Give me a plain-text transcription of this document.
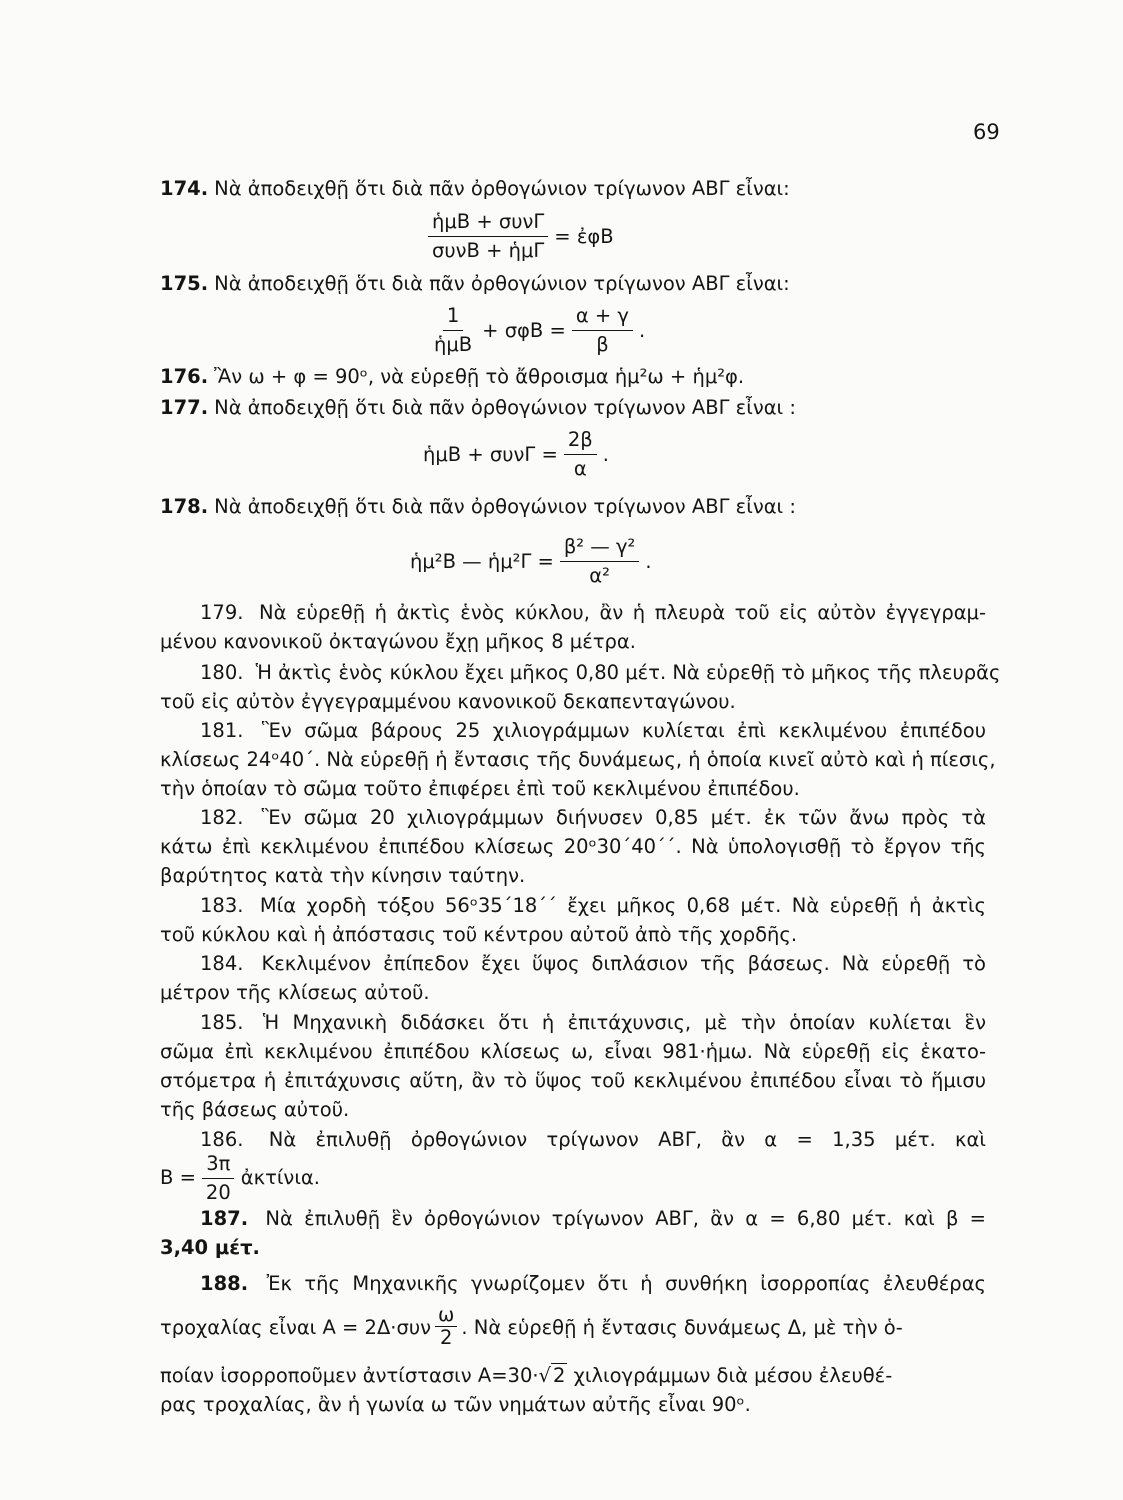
69
174. Νὰ ἀποδειχθῇ ὅτι διὰ πᾶν ὀρθογώνιον τρίγωνον ΑΒΓ εἶναι:
$\frac{\text{ἡμΒ + συνΓ}}{\text{συνΒ + ἡμΓ}}$ = ἐφΒ
175. Νὰ ἀποδειχθῇ ὅτι διὰ πᾶν ὀρθογώνιον τρίγωνον ΑΒΓ εἶναι:
$\frac{1}{\text{ἡμΒ}} + \sigma\varphi B = \frac{\alpha + \gamma}{\beta}$ .
176. Ἂν ω + φ = 90ᵒ, νὰ εὑρεθῇ τὸ ἄθροισμα ἡμ²ω + ἡμ²φ.
177. Νὰ ἀποδειχθῇ ὅτι διὰ πᾶν ὀρθογώνιον τρίγωνον ΑΒΓ εἶναι :
ἡμΒ + $\sigma\upsilon\nu\Gamma = \frac{2\beta}{\alpha}$ .
178. Νὰ ἀποδειχθῇ ὅτι διὰ πᾶν ὀρθογώνιον τρίγωνον ΑΒΓ εἶναι :
ἡμ²Β — ἡμ²Γ = $\frac{\text{β² — γ²}}{\text{α²}}$ .
179. Νὰ εὑρεθῇ ἡ ἀκτὶς ἑνὸς κύκλου, ἂν ἡ πλευρὰ τοῦ εἰς αὐτὸν ἐγγεγραμ-
μένου κανονικοῦ ὀκταγώνου ἔχῃ μῆκος 8 μέτρα.
180. Ἡ ἀκτὶς ἑνὸς κύκλου ἔχει μῆκος 0,80 μέτ. Νὰ εὑρεθῇ τὸ μῆκος τῆς πλευρᾶς
τοῦ εἰς αὐτὸν ἐγγεγραμμένου κανονικοῦ δεκαπενταγώνου.
181. Ἓν σῶμα βάρους 25 χιλιογράμμων κυλίεται ἐπὶ κεκλιμένου ἐπιπέδου
κλίσεως 24ᵒ40΄. Νὰ εὑρεθῇ ἡ ἔντασις τῆς δυνάμεως, ἡ ὁποία κινεῖ αὐτὸ καὶ ἡ πίεσις,
τὴν ὁποίαν τὸ σῶμα τοῦτο ἐπιφέρει ἐπὶ τοῦ κεκλιμένου ἐπιπέδου.
182. Ἓν σῶμα 20 χιλιογράμμων διήνυσεν 0,85 μέτ. ἐκ τῶν ἄνω πρὸς τὰ
κάτω ἐπὶ κεκλιμένου ἐπιπέδου κλίσεως 20ᵒ30΄40΄΄. Νὰ ὑπολογισθῇ τὸ ἔργον τῆς
βαρύτητος κατὰ τὴν κίνησιν ταύτην.
183. Μία χορδὴ τόξου 56ᵒ35΄18΄΄ ἔχει μῆκος 0,68 μέτ. Νὰ εὑρεθῇ ἡ ἀκτὶς
τοῦ κύκλου καὶ ἡ ἀπόστασις τοῦ κέντρου αὐτοῦ ἀπὸ τῆς χορδῆς.
184. Κεκλιμένον ἐπίπεδον ἔχει ὕψος διπλάσιον τῆς βάσεως. Νὰ εὑρεθῇ τὸ
μέτρον τῆς κλίσεως αὐτοῦ.
185. Ἡ Μηχανικὴ διδάσκει ὅτι ἡ ἐπιτάχυνσις, μὲ τὴν ὁποίαν κυλίεται ἓν
σῶμα ἐπὶ κεκλιμένου ἐπιπέδου κλίσεως ω, εἶναι 981·ἡμω. Νὰ εὑρεθῇ εἰς ἑκατο-
στόμετρα ἡ ἐπιτάχυνσις αὕτη, ἂν τὸ ὕψος τοῦ κεκλιμένου ἐπιπέδου εἶναι τὸ ἥμισυ
τῆς βάσεως αὐτοῦ.
186. Νὰ ἐπιλυθῇ ὀρθογώνιον τρίγωνον ΑΒΓ, ἂν α = 1,35 μέτ. καὶ
$B = \frac{3\pi}{20}$ ἀκτίνια.
187. Νὰ ἐπιλυθῇ ἓν ὀρθογώνιον τρίγωνον ΑΒΓ, ἂν α = 6,80 μέτ. καὶ β =
3,40 μέτ.
188. Ἐκ τῆς Μηχανικῆς γνωρίζομεν ὅτι ἡ συνθήκη ἰσορροπίας ἐλευθέρας
τροχαλίας εἶναι $A = 2\Delta\cdot\sigma\upsilon\nu \frac{\omega}{2}$ . Νὰ εὑρεθῇ ἡ ἔντασις δυνάμεως Δ, μὲ τὴν ὁ-
ποίαν ἰσορροποῦμεν ἀντίστασιν Α=30·√ 2 χιλιογράμμων διὰ μέσου ἐλευθέ-
ρας τροχαλίας, ἂν ἡ γωνία ω τῶν νημάτων αὐτῆς εἶναι 90ᵒ.
